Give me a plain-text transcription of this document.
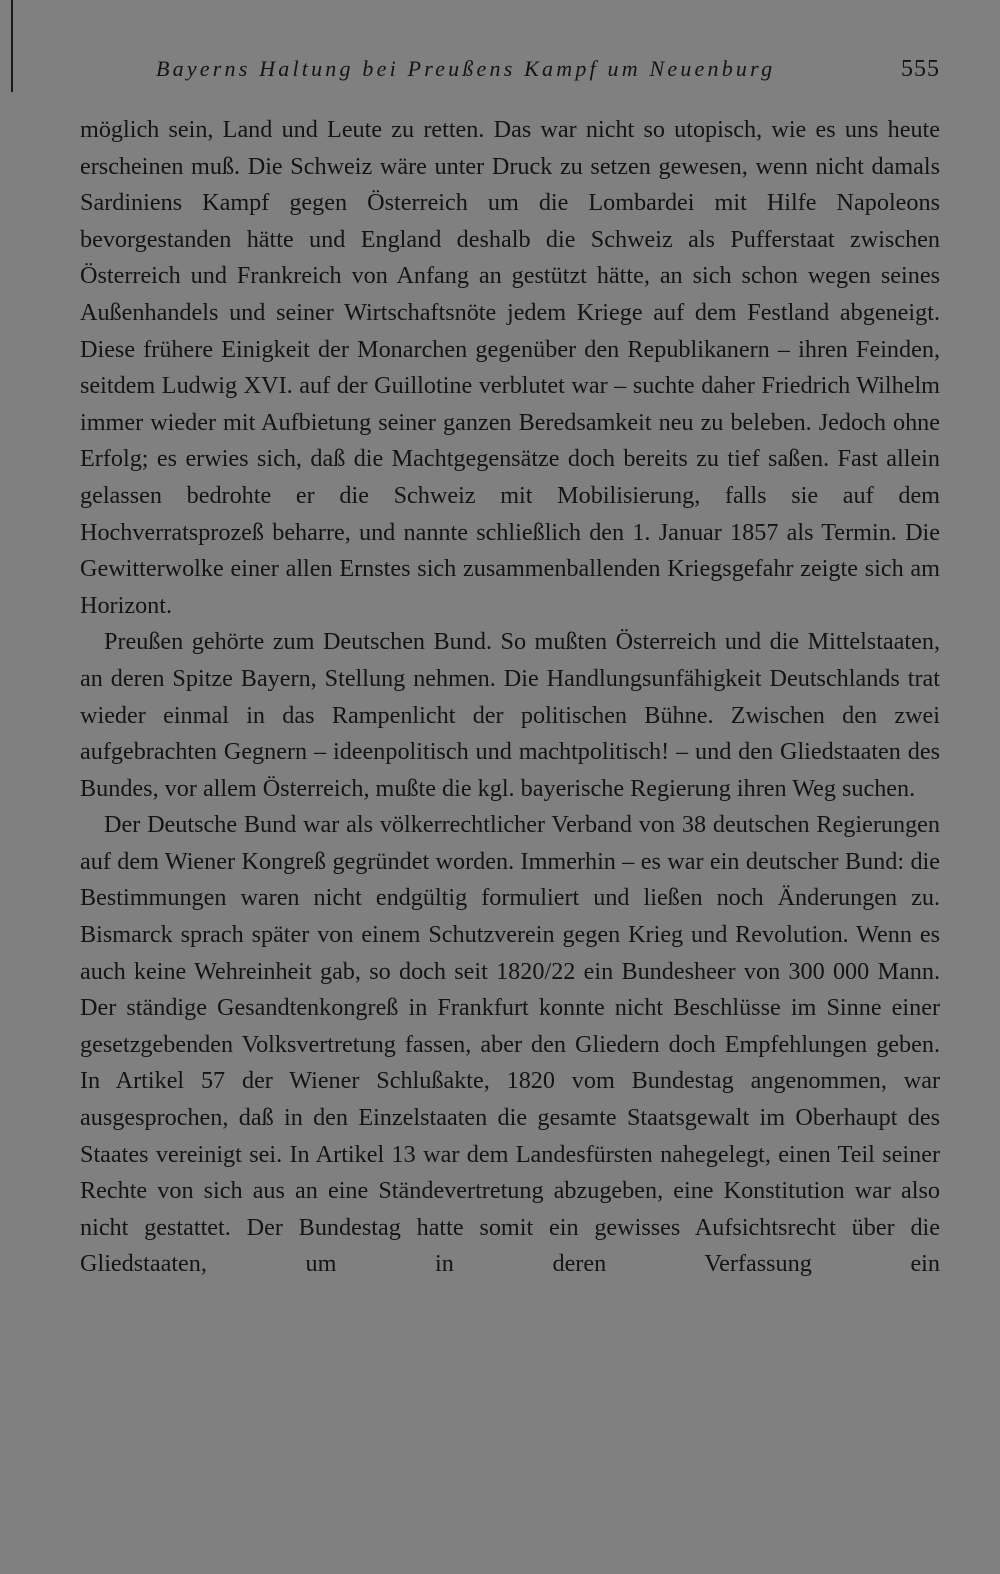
Bayerns Haltung bei Preußens Kampf um Neuenburg	555

möglich sein, Land und Leute zu retten. Das war nicht so utopisch, wie es uns heute erscheinen muß. Die Schweiz wäre unter Druck zu setzen gewesen, wenn nicht damals Sardiniens Kampf gegen Österreich um die Lombardei mit Hilfe Napoleons bevorgestanden hätte und England deshalb die Schweiz als Pufferstaat zwischen Österreich und Frankreich von Anfang an gestützt hätte, an sich schon wegen seines Außenhandels und seiner Wirtschaftsnöte jedem Kriege auf dem Festland abgeneigt. Diese frühere Einigkeit der Monarchen gegenüber den Republikanern – ihren Feinden, seitdem Ludwig XVI. auf der Guillotine verblutet war – suchte daher Friedrich Wilhelm immer wieder mit Aufbietung seiner ganzen Beredsamkeit neu zu beleben. Jedoch ohne Erfolg; es erwies sich, daß die Machtgegensätze doch bereits zu tief saßen. Fast allein gelassen bedrohte er die Schweiz mit Mobilisierung, falls sie auf dem Hochverratsprozeß beharre, und nannte schließlich den 1. Januar 1857 als Termin. Die Gewitterwolke einer allen Ernstes sich zusammenballenden Kriegsgefahr zeigte sich am Horizont.

Preußen gehörte zum Deutschen Bund. So mußten Österreich und die Mittelstaaten, an deren Spitze Bayern, Stellung nehmen. Die Handlungsunfähigkeit Deutschlands trat wieder einmal in das Rampenlicht der politischen Bühne. Zwischen den zwei aufgebrachten Gegnern – ideenpolitisch und machtpolitisch! – und den Gliedstaaten des Bundes, vor allem Österreich, mußte die kgl. bayerische Regierung ihren Weg suchen.

Der Deutsche Bund war als völkerrechtlicher Verband von 38 deutschen Regierungen auf dem Wiener Kongreß gegründet worden. Immerhin – es war ein deutscher Bund: die Bestimmungen waren nicht endgültig formuliert und ließen noch Änderungen zu. Bismarck sprach später von einem Schutzverein gegen Krieg und Revolution. Wenn es auch keine Wehreinheit gab, so doch seit 1820/22 ein Bundesheer von 300 000 Mann. Der ständige Gesandtenkongreß in Frankfurt konnte nicht Beschlüsse im Sinne einer gesetzgebenden Volksvertretung fassen, aber den Gliedern doch Empfehlungen geben. In Artikel 57 der Wiener Schlußakte, 1820 vom Bundestag angenommen, war ausgesprochen, daß in den Einzelstaaten die gesamte Staatsgewalt im Oberhaupt des Staates vereinigt sei. In Artikel 13 war dem Landesfürsten nahegelegt, einen Teil seiner Rechte von sich aus an eine Ständevertretung abzugeben, eine Konstitution war also nicht gestattet. Der Bundestag hatte somit ein gewisses Aufsichtsrecht über die Gliedstaaten, um in deren Verfassung ein
